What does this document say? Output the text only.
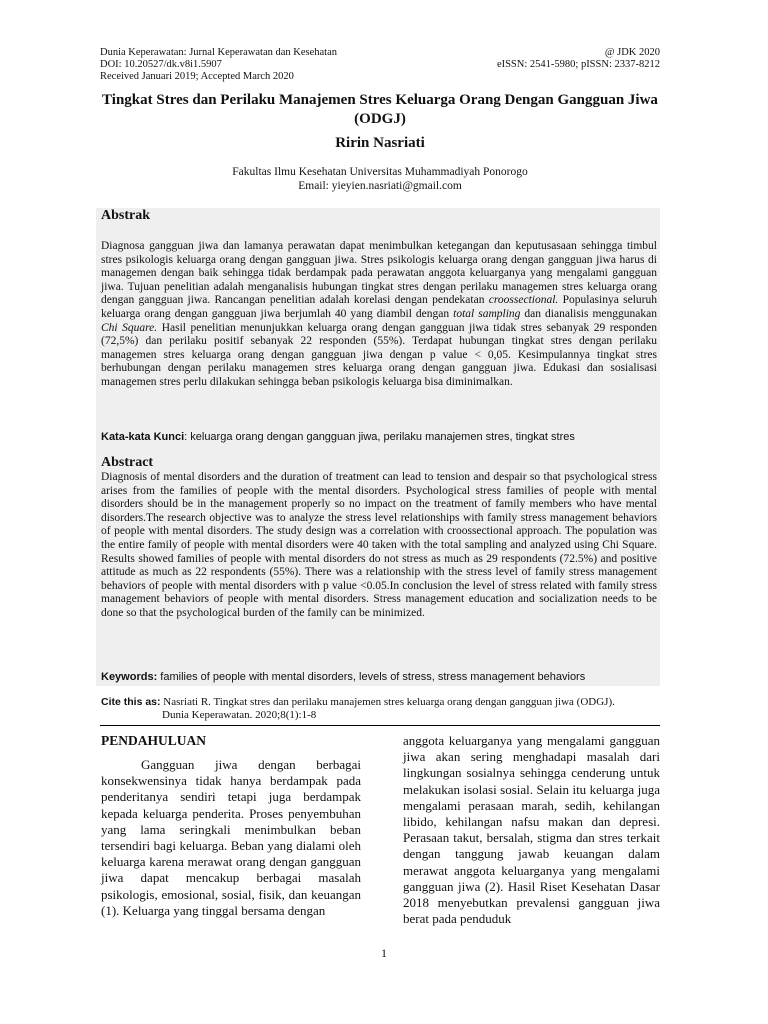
Dunia Keperawatan: Jurnal Keperawatan dan Kesehatan	@ JDK 2020
DOI: 10.20527/dk.v8i1.5907	eISSN: 2541-5980; pISSN: 2337-8212
Received Januari 2019; Accepted March 2020
Tingkat Stres dan Perilaku Manajemen Stres Keluarga Orang Dengan Gangguan Jiwa (ODGJ)
Ririn Nasriati
Fakultas Ilmu Kesehatan Universitas Muhammadiyah Ponorogo
Email: yieyien.nasriati@gmail.com
Abstrak

Diagnosa gangguan jiwa dan lamanya perawatan dapat menimbulkan ketegangan dan keputusasaan sehingga timbul stres psikologis keluarga orang dengan gangguan jiwa. Stres psikologis keluarga orang dengan gangguan jiwa harus di managemen dengan baik sehingga tidak berdampak pada perawatan anggota keluarganya yang mengalami gangguan jiwa. Tujuan penelitian adalah menganalisis hubungan tingkat stres dengan perilaku managemen stres keluarga orang dengan gangguan jiwa. Rancangan penelitian adalah korelasi dengan pendekatan croossectional. Populasinya seluruh keluarga orang dengan gangguan jiwa berjumlah 40 yang diambil dengan total sampling dan dianalisis menggunakan Chi Square. Hasil penelitian menunjukkan keluarga orang dengan gangguan jiwa tidak stres sebanyak 29 responden (72,5%) dan perilaku positif sebanyak 22 responden (55%). Terdapat hubungan tingkat stres dengan perilaku managemen stres keluarga orang dengan gangguan jiwa dengan p value < 0,05. Kesimpulannya tingkat stres berhubungan dengan perilaku managemen stres keluarga orang dengan gangguan jiwa. Edukasi dan sosialisasi managemen stres perlu dilakukan sehingga beban psikologis keluarga bisa diminimalkan.

Kata-kata Kunci: keluarga orang dengan gangguan jiwa, perilaku manajemen stres, tingkat stres
Abstract

Diagnosis of mental disorders and the duration of treatment can lead to tension and despair so that psychological stress arises from the families of people with the mental disorders. Psychological stress families of people with mental disorders should be in the management properly so no impact on the treatment of family members who have mental disorders.The research objective was to analyze the stress level relationships with family stress management behaviors of people with mental disorders. The study design was a correlation with croossectional approach. The population was the entire family of people with mental disorders were 40 taken with the total sampling and analyzed using Chi Square. Results showed families of people with mental disorders do not stress as much as 29 respondents (72.5%) and positive attitude as much as 22 respondents (55%). There was a relationship with the stress level of family stress management behaviors of people with mental disorders with p value <0.05.In conclusion the level of stress related with family stress management behaviors of people with mental disorders. Stress management education and socialization needs to be done so that the psychological burden of the family can be minimized.

Keywords: families of people with mental disorders, levels of stress, stress management behaviors
Cite this as: Nasriati R. Tingkat stres dan perilaku manajemen stres keluarga orang dengan gangguan jiwa (ODGJ).
Dunia Keperawatan. 2020;8(1):1-8
PENDAHULUAN

Gangguan jiwa dengan berbagai konsekwensinya tidak hanya berdampak pada penderitanya sendiri tetapi juga berdampak kepada keluarga penderita. Proses penyembuhan yang lama seringkali menimbulkan beban tersendiri bagi keluarga. Beban yang dialami oleh keluarga karena merawat orang dengan gangguan jiwa dapat mencakup berbagai masalah psikologis, emosional, sosial, fisik, dan keuangan (1). Keluarga yang tinggal bersama dengan

anggota keluarganya yang mengalami gangguan jiwa akan sering menghadapi masalah dari lingkungan sosialnya sehingga cenderung untuk melakukan isolasi sosial. Selain itu keluarga juga mengalami perasaan marah, sedih, kehilangan libido, kehilangan nafsu makan dan depresi. Perasaan takut, bersalah, stigma dan stres terkait dengan tanggung jawab keuangan dalam merawat anggota keluarganya yang mengalami gangguan jiwa (2). Hasil Riset Kesehatan Dasar 2018 menyebutkan prevalensi gangguan jiwa berat pada penduduk

1
